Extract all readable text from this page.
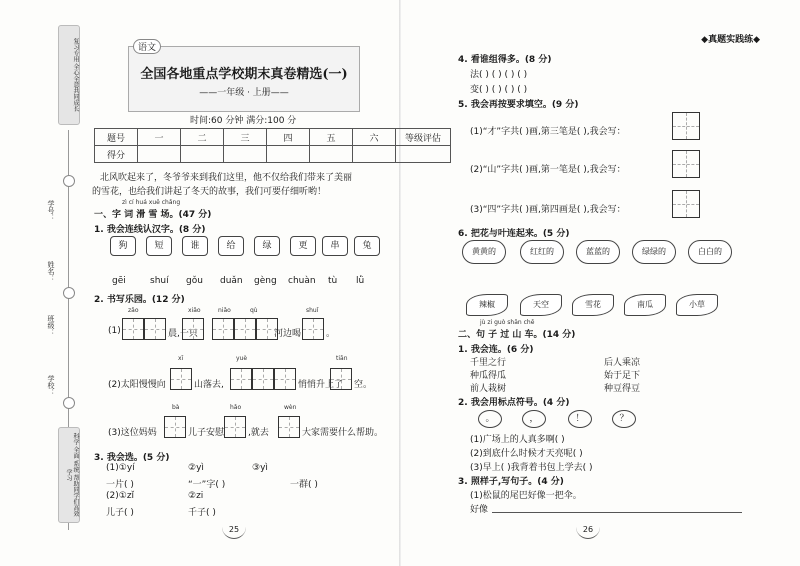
复习专用 全心全意共同成长
学号：
姓名：
班级：
学校：
科学 全面 系统 帮助同学们高效学习
语文
全国各地重点学校期末真卷精选(一)
——一年级 · 上册——
时间:60 分钟 满分:100 分
题号	一	二	三	四	五	六	等级评估
得分							
北风吹起来了，冬爷爷来到我们这里，他不仅给我们带来了美丽
的雪花，也给我们讲起了冬天的故事，我们可要仔细听哟！
zì cí huá xuě chǎng
一、字 词 滑 雪 场。(47 分)
1. 我会连线认汉字。(8 分)
狗	短	谁	给	绿	更	串	兔
gēi	shuí gǒu duǎn gèng chuàn tù lǜ
2. 书写乐园。(12 分)
zǎo	xiǎo	niǎo	qù	shuǐ
(1)	晨,一只	河边喝	。
xī	yuè	tiān
(2)太阳慢慢向	山落去,	悄悄升上了 空。
bà	hǎo	wèn
(3)这位妈妈	儿子安慰	,就去	大家需要什么帮助。
3. 我会选。(5 分)
(1)①yí	②yì	③yì
一片( )	“一”字( )	一群( )
(2)①zǐ	②zi
儿子( )	千子( )
25
◆真题实践练◆
4. 看谁组得多。(8 分)
法( ) ( ) ( ) ( )
变( ) ( ) ( ) ( )
5. 我会再按要求填空。(9 分)
(1)“才”字共( )画,第三笔是( ),我会写：
(2)“山”字共( )画,第一笔是( ),我会写：
(3)“四”字共( )画,第四画是( ),我会写：
6. 把花与叶连起来。(5 分)
黄黄的	红红的	蓝蓝的	绿绿的	白白的
辣椒	天空	雪花	南瓜	小草
jù zi guò shān chē
二、句 子 过 山 车。(14 分)
1. 我会连。(6 分)
千里之行
种瓜得瓜
前人栽树
后人乘凉
始于足下
种豆得豆
2. 我会用标点符号。(4 分)
。	，	！	？
(1)广场上的人真多啊( )
(2)到底什么时候才天亮呢( )
(3)早上( )我背着书包上学去( )
3. 照样子,写句子。(4 分)
(1)松鼠的尾巴好像一把伞。
好像
26
